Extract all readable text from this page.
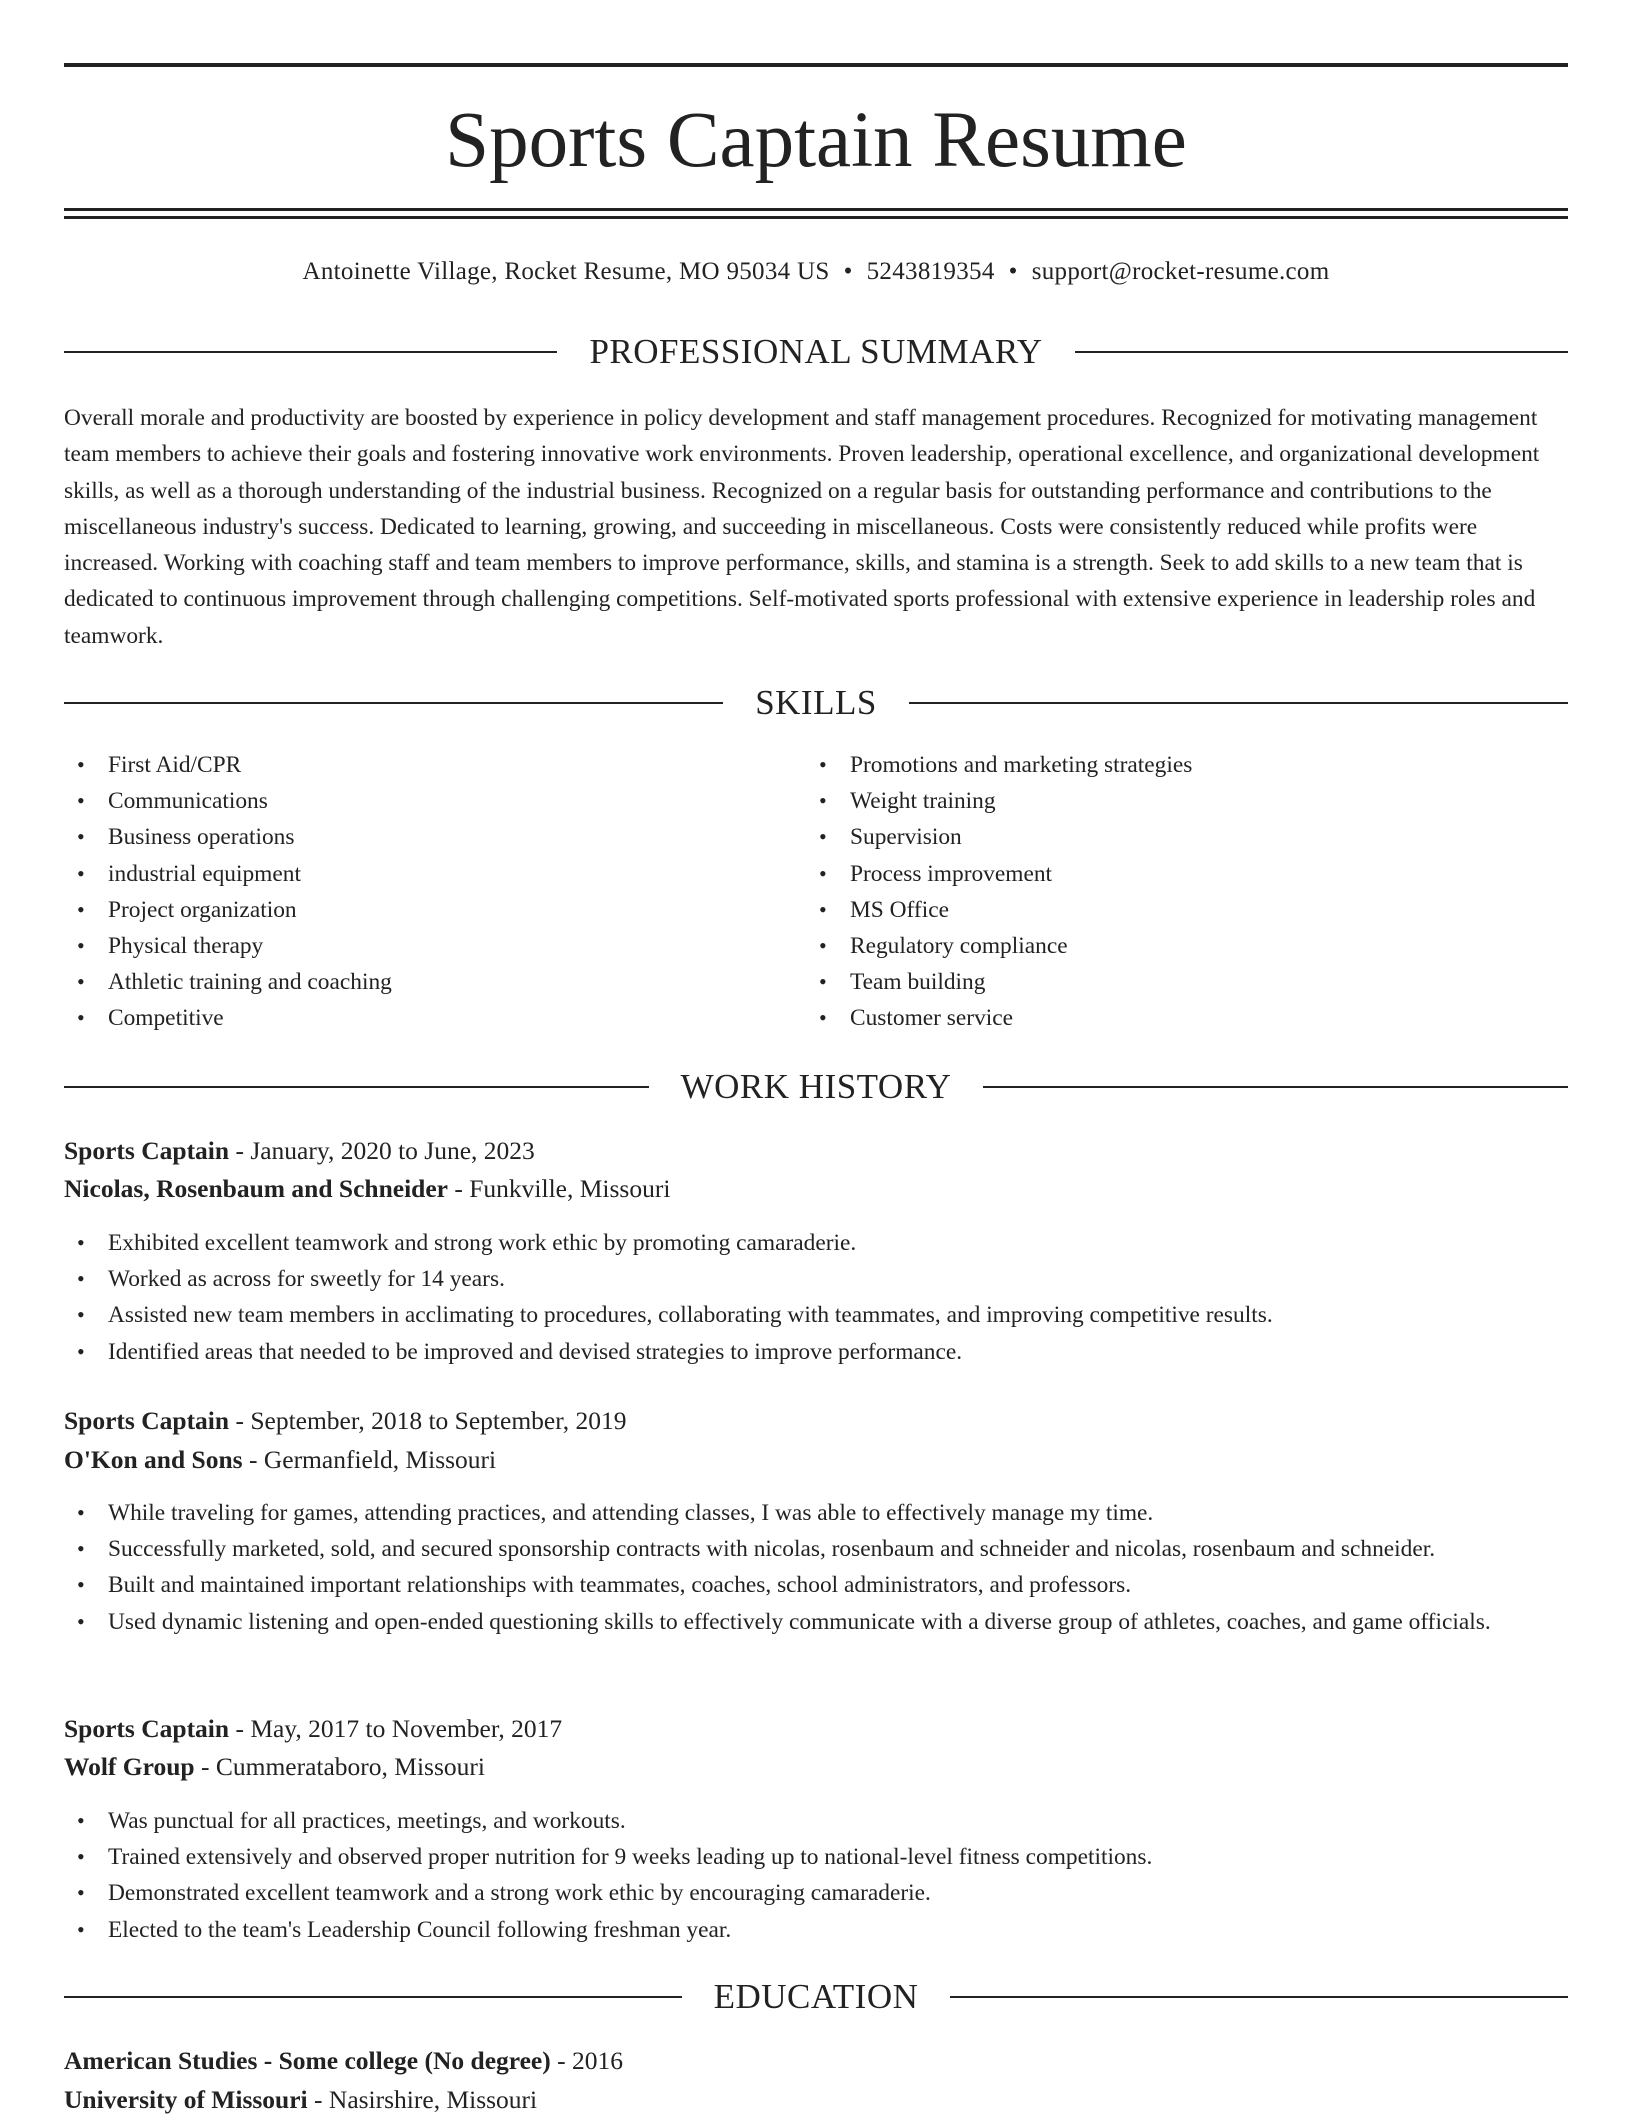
Sports Captain Resume
Antoinette Village, Rocket Resume, MO 95034 US • 5243819354 • support@rocket-resume.com
PROFESSIONAL SUMMARY

Overall morale and productivity are boosted by experience in policy development and staff management procedures. Recognized for motivating management team members to achieve their goals and fostering innovative work environments. Proven leadership, operational excellence, and organizational development skills, as well as a thorough understanding of the industrial business. Recognized on a regular basis for outstanding performance and contributions to the miscellaneous industry's success. Dedicated to learning, growing, and succeeding in miscellaneous. Costs were consistently reduced while profits were increased. Working with coaching staff and team members to improve performance, skills, and stamina is a strength. Seek to add skills to a new team that is dedicated to continuous improvement through challenging competitions. Self-motivated sports professional with extensive experience in leadership roles and teamwork.

SKILLS
• First Aid/CPR
• Communications
• Business operations
• industrial equipment
• Project organization
• Physical therapy
• Athletic training and coaching
• Competitive
• Promotions and marketing strategies
• Weight training
• Supervision
• Process improvement
• MS Office
• Regulatory compliance
• Team building
• Customer service
WORK HISTORY

Sports Captain - January, 2020 to June, 2023

Nicolas, Rosenbaum and Schneider - Funkville, Missouri

• Exhibited excellent teamwork and strong work ethic by promoting camaraderie.
• Worked as across for sweetly for 14 years.
• Assisted new team members in acclimating to procedures, collaborating with teammates, and improving competitive results.
• Identified areas that needed to be improved and devised strategies to improve performance.

Sports Captain - September, 2018 to September, 2019

O'Kon and Sons - Germanfield, Missouri

• While traveling for games, attending practices, and attending classes, I was able to effectively manage my time.
• Successfully marketed, sold, and secured sponsorship contracts with nicolas, rosenbaum and schneider and nicolas, rosenbaum and schneider.
• Built and maintained important relationships with teammates, coaches, school administrators, and professors.
• Used dynamic listening and open-ended questioning skills to effectively communicate with a diverse group of athletes, coaches, and game officials.

Sports Captain - May, 2017 to November, 2017

Wolf Group - Cummerataboro, Missouri

• Was punctual for all practices, meetings, and workouts.
• Trained extensively and observed proper nutrition for 9 weeks leading up to national-level fitness competitions.
• Demonstrated excellent teamwork and a strong work ethic by encouraging camaraderie.
• Elected to the team's Leadership Council following freshman year.
EDUCATION

American Studies - Some college (No degree) - 2016

University of Missouri - Nasirshire, Missouri
